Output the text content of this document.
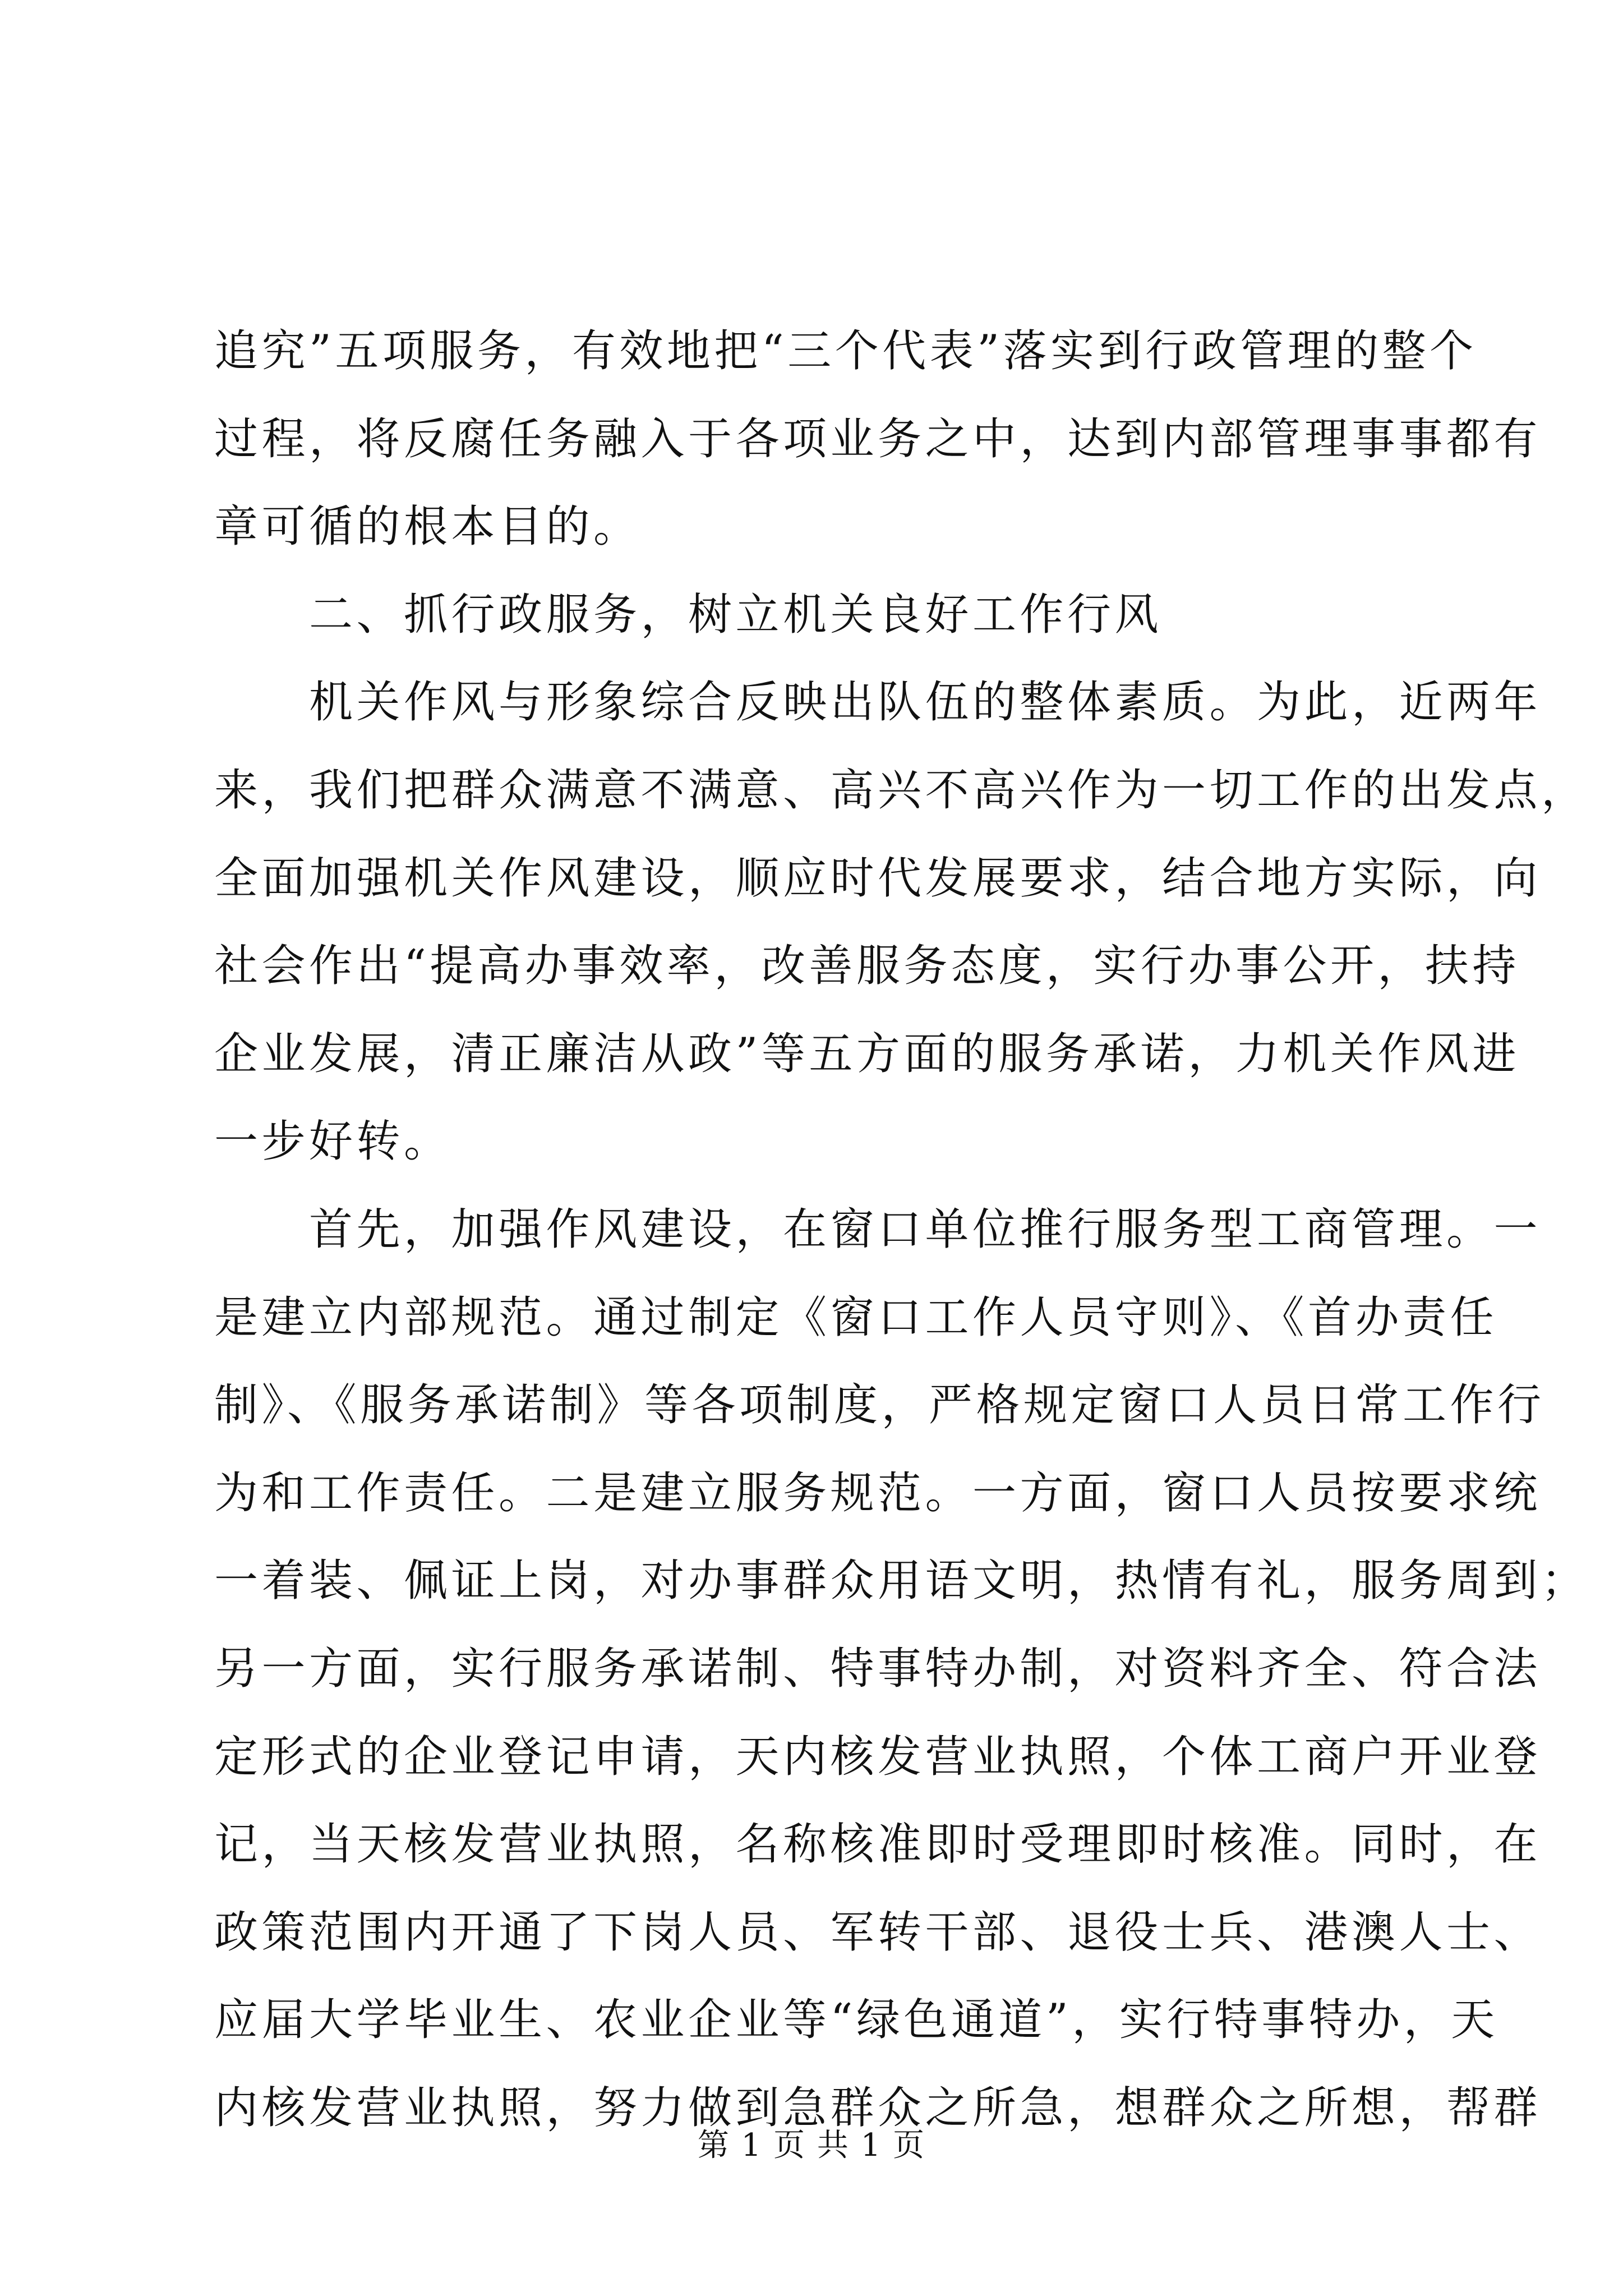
追究”五项服务，有效地把“三个代表”落实到行政管理的整个
过程，将反腐任务融入于各项业务之中，达到内部管理事事都有
章可循的根本目的。
　　二、抓行政服务，树立机关良好工作行风
　　机关作风与形象综合反映出队伍的整体素质。为此，近两年
来，我们把群众满意不满意、高兴不高兴作为一切工作的出发点，
全面加强机关作风建设，顺应时代发展要求，结合地方实际，向
社会作出“提高办事效率，改善服务态度，实行办事公开，扶持
企业发展，清正廉洁从政”等五方面的服务承诺，力机关作风进
一步好转。
　　首先，加强作风建设，在窗口单位推行服务型工商管理。一
是建立内部规范。通过制定《窗口工作人员守则》、《首办责任
制》、《服务承诺制》等各项制度，严格规定窗口人员日常工作行
为和工作责任。二是建立服务规范。一方面，窗口人员按要求统
一着装、佩证上岗，对办事群众用语文明，热情有礼，服务周到；
另一方面，实行服务承诺制、特事特办制，对资料齐全、符合法
定形式的企业登记申请，天内核发营业执照，个体工商户开业登
记，当天核发营业执照，名称核准即时受理即时核准。同时，在
政策范围内开通了下岗人员、军转干部、退役士兵、港澳人士、
应届大学毕业生、农业企业等“绿色通道”，实行特事特办，天
内核发营业执照，努力做到急群众之所急，想群众之所想，帮群
第 1 页 共 1 页
